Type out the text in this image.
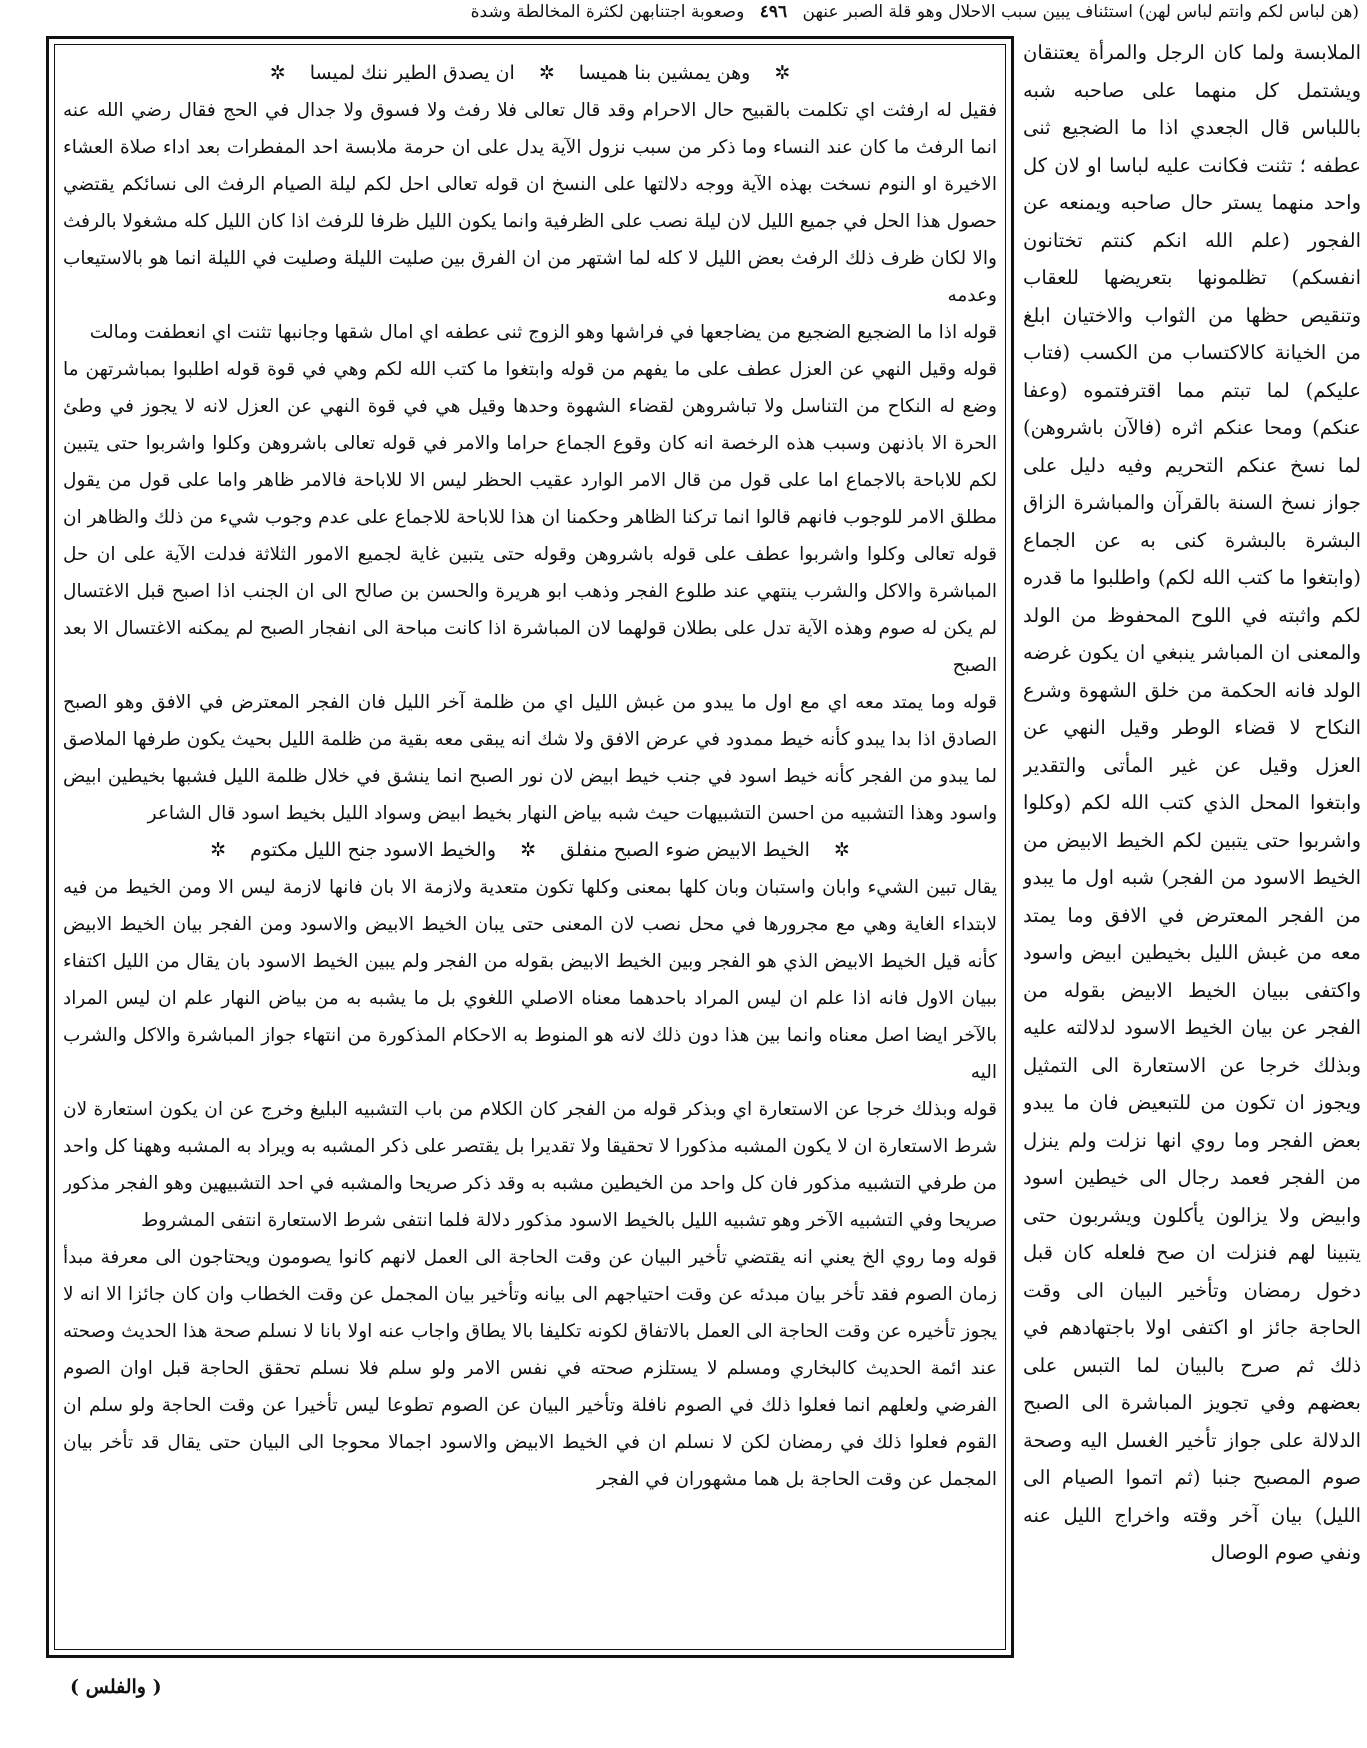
(هن لباس لكم وانتم لباس لهن) استئناف يبين سبب الاحلال وهو قلة الصبر عنهن ٤٩٦ وصعوبة اجتنابهن لكثرة المخالطة وشدة

الملابسة ولما كان الرجل والمرأة يعتنقان ويشتمل كل منهما على صاحبه شبه باللباس قال الجعدي اذا ما الضجيع ثنى عطفه ؛ تثنت فكانت عليه لباسا او لان كل واحد منهما يستر حال صاحبه ويمنعه عن الفجور (علم الله انكم كنتم تختانون انفسكم) تظلمونها بتعريضها للعقاب وتنقيص حظها من الثواب والاختيان ابلغ من الخيانة كالاكتساب من الكسب (فتاب عليكم) لما تبتم مما اقترفتموه (وعفا عنكم) ومحا عنكم اثره (فالآن باشروهن) لما نسخ عنكم التحريم وفيه دليل على جواز نسخ السنة بالقرآن والمباشرة الزاق البشرة بالبشرة كنى به عن الجماع (وابتغوا ما كتب الله لكم) واطلبوا ما قدره لكم واثبته في اللوح المحفوظ من الولد والمعنى ان المباشر ينبغي ان يكون غرضه الولد فانه الحكمة من خلق الشهوة وشرع النكاح لا قضاء الوطر وقيل النهي عن العزل وقيل عن غير المأتى والتقدير وابتغوا المحل الذي كتب الله لكم (وكلوا واشربوا حتى يتبين لكم الخيط الابيض من الخيط الاسود من الفجر) شبه اول ما يبدو من الفجر المعترض في الافق وما يمتد معه من غبش الليل بخيطين ابيض واسود واكتفى ببيان الخيط الابيض بقوله من الفجر عن بيان الخيط الاسود لدلالته عليه وبذلك خرجا عن الاستعارة الى التمثيل ويجوز ان تكون من للتبعيض فان ما يبدو بعض الفجر وما روي انها نزلت ولم ينزل من الفجر فعمد رجال الى خيطين اسود وابيض ولا يزالون يأكلون ويشربون حتى يتبينا لهم فنزلت ان صح فلعله كان قبل دخول رمضان وتأخير البيان الى وقت الحاجة جائز او اكتفى اولا باجتهادهم في ذلك ثم صرح بالبيان لما التبس على بعضهم وفي تجويز المباشرة الى الصبح الدلالة على جواز تأخير الغسل اليه وصحة صوم المصبح جنبا (ثم اتموا الصيام الى الليل) بيان آخر وقته واخراج الليل عنه ونفي صوم الوصال

✲ وهن يمشين بنا هميسا ✲ ان يصدق الطير ننك لميسا ✲

فقيل له ارفثت اي تكلمت بالقبيح حال الاحرام وقد قال تعالى فلا رفث ولا فسوق ولا جدال في الحج فقال رضي الله عنه انما الرفث ما كان عند النساء وما ذكر من سبب نزول الآية يدل على ان حرمة ملابسة احد المفطرات بعد اداء صلاة العشاء الاخيرة او النوم نسخت بهذه الآية ووجه دلالتها على النسخ ان قوله تعالى احل لكم ليلة الصيام الرفث الى نسائكم يقتضي حصول هذا الحل في جميع الليل لان ليلة نصب على الظرفية وانما يكون الليل ظرفا للرفث اذا كان الليل كله مشغولا بالرفث والا لكان ظرف ذلك الرفث بعض الليل لا كله لما اشتهر من ان الفرق بين صليت الليلة وصليت في الليلة انما هو بالاستيعاب وعدمه

قوله اذا ما الضجيع الضجيع من يضاجعها في فراشها وهو الزوج ثنى عطفه اي امال شقها وجانبها تثنت اي انعطفت ومالت

قوله وقيل النهي عن العزل عطف على ما يفهم من قوله وابتغوا ما كتب الله لكم وهي في قوة قوله اطلبوا بمباشرتهن ما وضع له النكاح من التناسل ولا تباشروهن لقضاء الشهوة وحدها وقيل هي في قوة النهي عن العزل لانه لا يجوز في وطئ الحرة الا باذنهن وسبب هذه الرخصة انه كان وقوع الجماع حراما والامر في قوله تعالى باشروهن وكلوا واشربوا حتى يتبين لكم للاباحة بالاجماع اما على قول من قال الامر الوارد عقيب الحظر ليس الا للاباحة فالامر ظاهر واما على قول من يقول مطلق الامر للوجوب فانهم قالوا انما تركنا الظاهر وحكمنا ان هذا للاباحة للاجماع على عدم وجوب شيء من ذلك والظاهر ان قوله تعالى وكلوا واشربوا عطف على قوله باشروهن وقوله حتى يتبين غاية لجميع الامور الثلاثة فدلت الآية على ان حل المباشرة والاكل والشرب ينتهي عند طلوع الفجر وذهب ابو هريرة والحسن بن صالح الى ان الجنب اذا اصبح قبل الاغتسال لم يكن له صوم وهذه الآية تدل على بطلان قولهما لان المباشرة اذا كانت مباحة الى انفجار الصبح لم يمكنه الاغتسال الا بعد الصبح

قوله وما يمتد معه اي مع اول ما يبدو من غبش الليل اي من ظلمة آخر الليل فان الفجر المعترض في الافق وهو الصبح الصادق اذا بدا يبدو كأنه خيط ممدود في عرض الافق ولا شك انه يبقى معه بقية من ظلمة الليل بحيث يكون طرفها الملاصق لما يبدو من الفجر كأنه خيط اسود في جنب خيط ابيض لان نور الصبح انما ينشق في خلال ظلمة الليل فشبها بخيطين ابيض واسود وهذا التشبيه من احسن التشبيهات حيث شبه بياض النهار بخيط ابيض وسواد الليل بخيط اسود قال الشاعر

✲ الخيط الابيض ضوء الصبح منفلق ✲ والخيط الاسود جنح الليل مكتوم ✲

يقال تبين الشيء وابان واستبان وبان كلها بمعنى وكلها تكون متعدية ولازمة الا بان فانها لازمة ليس الا ومن الخيط من فيه لابتداء الغاية وهي مع مجرورها في محل نصب لان المعنى حتى يبان الخيط الابيض والاسود ومن الفجر بيان الخيط الابيض كأنه قيل الخيط الابيض الذي هو الفجر وبين الخيط الابيض بقوله من الفجر ولم يبين الخيط الاسود بان يقال من الليل اكتفاء ببيان الاول فانه اذا علم ان ليس المراد باحدهما معناه الاصلي اللغوي بل ما يشبه به من بياض النهار علم ان ليس المراد بالآخر ايضا اصل معناه وانما بين هذا دون ذلك لانه هو المنوط به الاحكام المذكورة من انتهاء جواز المباشرة والاكل والشرب اليه

قوله وبذلك خرجا عن الاستعارة اي وبذكر قوله من الفجر كان الكلام من باب التشبيه البليغ وخرج عن ان يكون استعارة لان شرط الاستعارة ان لا يكون المشبه مذكورا لا تحقيقا ولا تقديرا بل يقتصر على ذكر المشبه به ويراد به المشبه وههنا كل واحد من طرفي التشبيه مذكور فان كل واحد من الخيطين مشبه به وقد ذكر صريحا والمشبه في احد التشبيهين وهو الفجر مذكور صريحا وفي التشبيه الآخر وهو تشبيه الليل بالخيط الاسود مذكور دلالة فلما انتفى شرط الاستعارة انتفى المشروط

قوله وما روي الخ يعني انه يقتضي تأخير البيان عن وقت الحاجة الى العمل لانهم كانوا يصومون ويحتاجون الى معرفة مبدأ زمان الصوم فقد تأخر بيان مبدئه عن وقت احتياجهم الى بيانه وتأخير بيان المجمل عن وقت الخطاب وان كان جائزا الا انه لا يجوز تأخيره عن وقت الحاجة الى العمل بالاتفاق لكونه تكليفا بالا يطاق واجاب عنه اولا بانا لا نسلم صحة هذا الحديث وصحته عند ائمة الحديث كالبخاري ومسلم لا يستلزم صحته في نفس الامر ولو سلم فلا نسلم تحقق الحاجة قبل اوان الصوم الفرضي ولعلهم انما فعلوا ذلك في الصوم نافلة وتأخير البيان عن الصوم تطوعا ليس تأخيرا عن وقت الحاجة ولو سلم ان القوم فعلوا ذلك في رمضان لكن لا نسلم ان في الخيط الابيض والاسود اجمالا محوجا الى البيان حتى يقال قد تأخر بيان المجمل عن وقت الحاجة بل هما مشهوران في الفجر

( والفلس )
